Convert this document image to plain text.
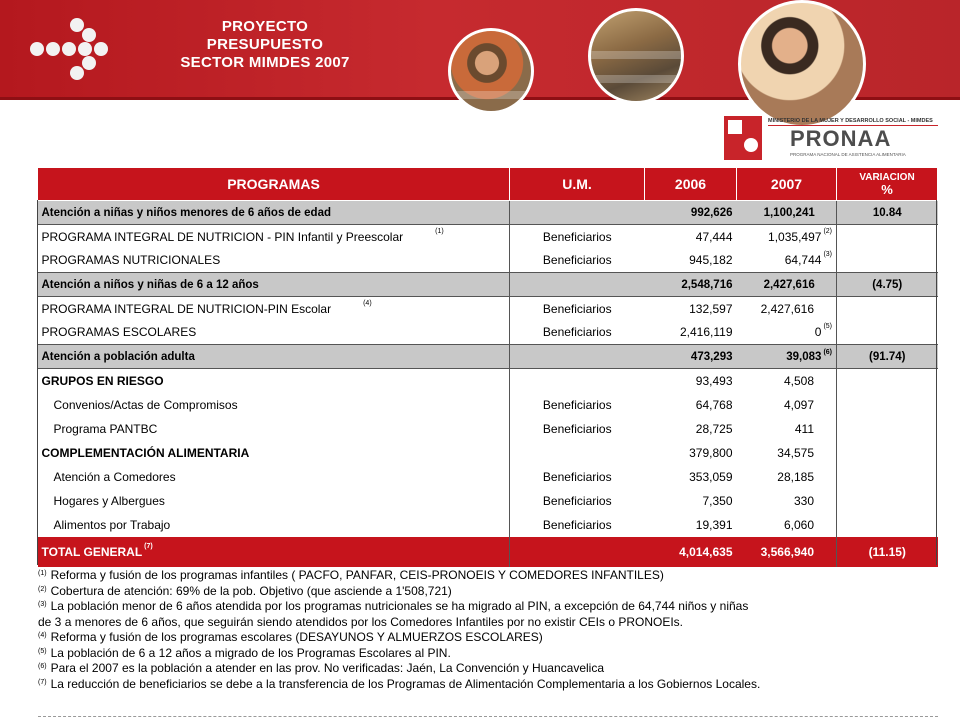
PROYECTO
PRESUPUESTO
SECTOR MIMDES 2007
MINISTERIO DE LA MUJER Y DESARROLLO SOCIAL - MIMDES
PRONAA
PROGRAMA NACIONAL DE ASISTENCIA ALIMENTARIA
PROGRAMAS	U.M.	2006	2007	VARIACION
%

Atención a niñas y niños menores de 6 años de edad		992,626	1,100,241  	10.84
PROGRAMA INTEGRAL DE NUTRICION - PIN Infantil y Preescolar $^{(1)}$	Beneficiarios	47,444	1,035,497 $^{(2)}$	
PROGRAMAS NUTRICIONALES	Beneficiarios	945,182	64,744 $^{(3)}$	
Atención a niños y niñas de 6 a 12 años		2,548,716	2,427,616  	(4.75)
PROGRAMA INTEGRAL DE NUTRICION-PIN Escolar $^{(4)}$	Beneficiarios	132,597	2,427,616  	
PROGRAMAS ESCOLARES	Beneficiarios	2,416,119	0 $^{(5)}$	
Atención a población adulta		473,293	39,083 $^{(6)}$	(91.74)
GRUPOS EN RIESGO		93,493	4,508  	
Convenios/Actas de Compromisos	Beneficiarios	64,768	4,097  	
Programa PANTBC	Beneficiarios	28,725	411  	
COMPLEMENTACIÓN ALIMENTARIA		379,800	34,575  	
Atención a Comedores	Beneficiarios	353,059	28,185  	
Hogares y Albergues	Beneficiarios	7,350	330  	
Alimentos por Trabajo	Beneficiarios	19,391	6,060  	
TOTAL GENERAL $^{(7)}$		4,014,635	3,566,940  	(11.15)
$^{(1)}$ Reforma y fusión de los programas infantiles ( PACFO, PANFAR, CEIS-PRONOEIS Y COMEDORES INFANTILES)
$^{(2)}$ Cobertura de atención: 69% de la pob. Objetivo (que asciende a 1'508,721)
$^{(3)}$ La población menor de 6 años atendida por los programas nutricionales se ha migrado al PIN, a excepción de 64,744 niños y niñas
de 3 a menores de 6 años, que seguirán siendo atendidos por los Comedores Infantiles por no existir CEIs o PRONOEIs.
$^{(4)}$ Reforma y fusión de los programas escolares (DESAYUNOS Y ALMUERZOS ESCOLARES)
$^{(5)}$ La población de 6 a 12 años a migrado de los Programas Escolares al PIN.
$^{(6)}$ Para el 2007 es la población a atender en las prov. No verificadas: Jaén, La Convención y Huancavelica
$^{(7)}$ La reducción de beneficiarios se debe a la transferencia de los Programas de Alimentación Complementaria a los Gobiernos Locales.
